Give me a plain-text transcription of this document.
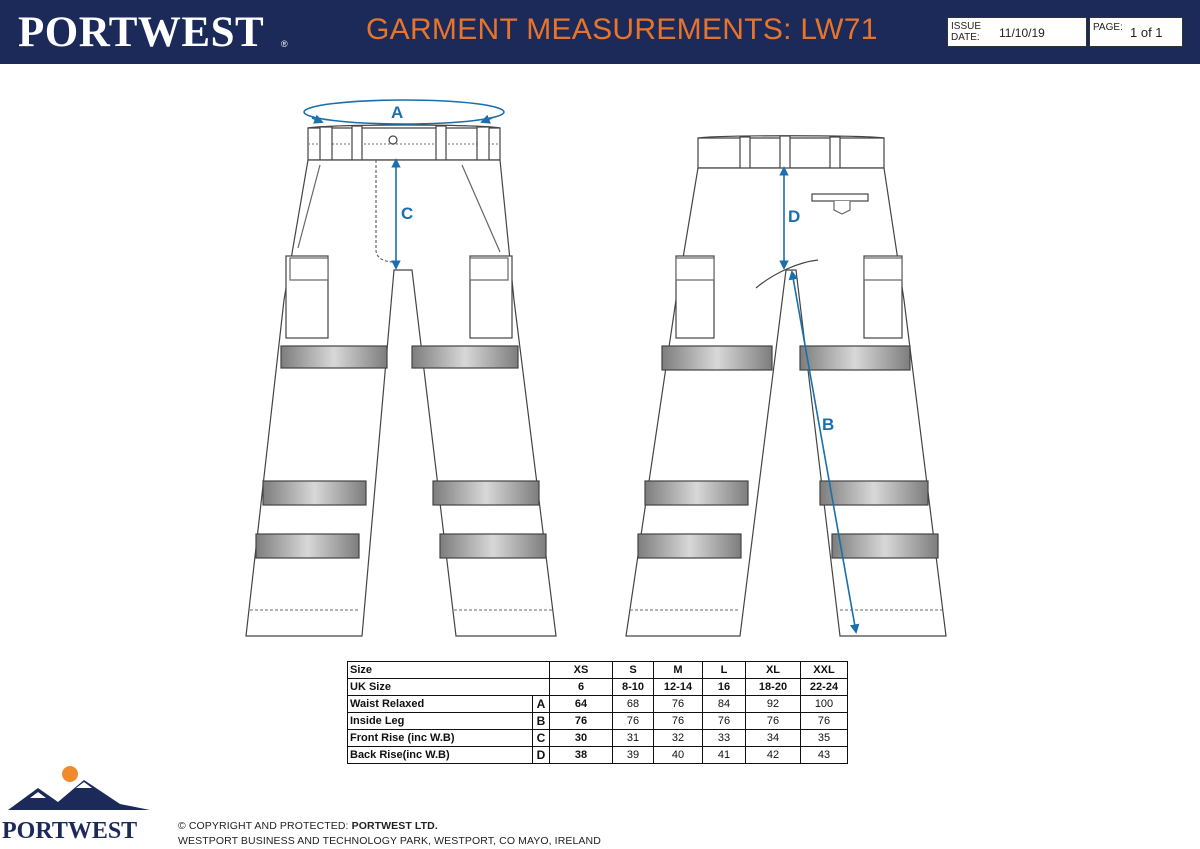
PORTWEST ®	GARMENT MEASUREMENTS: LW71	ISSUE DATE: 11/10/19	PAGE: 1 of 1
A
C	D
B
Size		XS	S	M	L	XL	XXL
UK Size		6	8-10	12-14	16	18-20	22-24
Waist Relaxed	A	64	68	76	84	92	100
Inside Leg	B	76	76	76	76	76	76
Front Rise (inc W.B)	C	30	31	32	33	34	35
Back Rise(inc W.B)	D	38	39	40	41	42	43
PORTWEST	© COPYRIGHT AND PROTECTED: PORTWEST LTD.
WESTPORT BUSINESS AND TECHNOLOGY PARK, WESTPORT, CO MAYO, IRELAND
